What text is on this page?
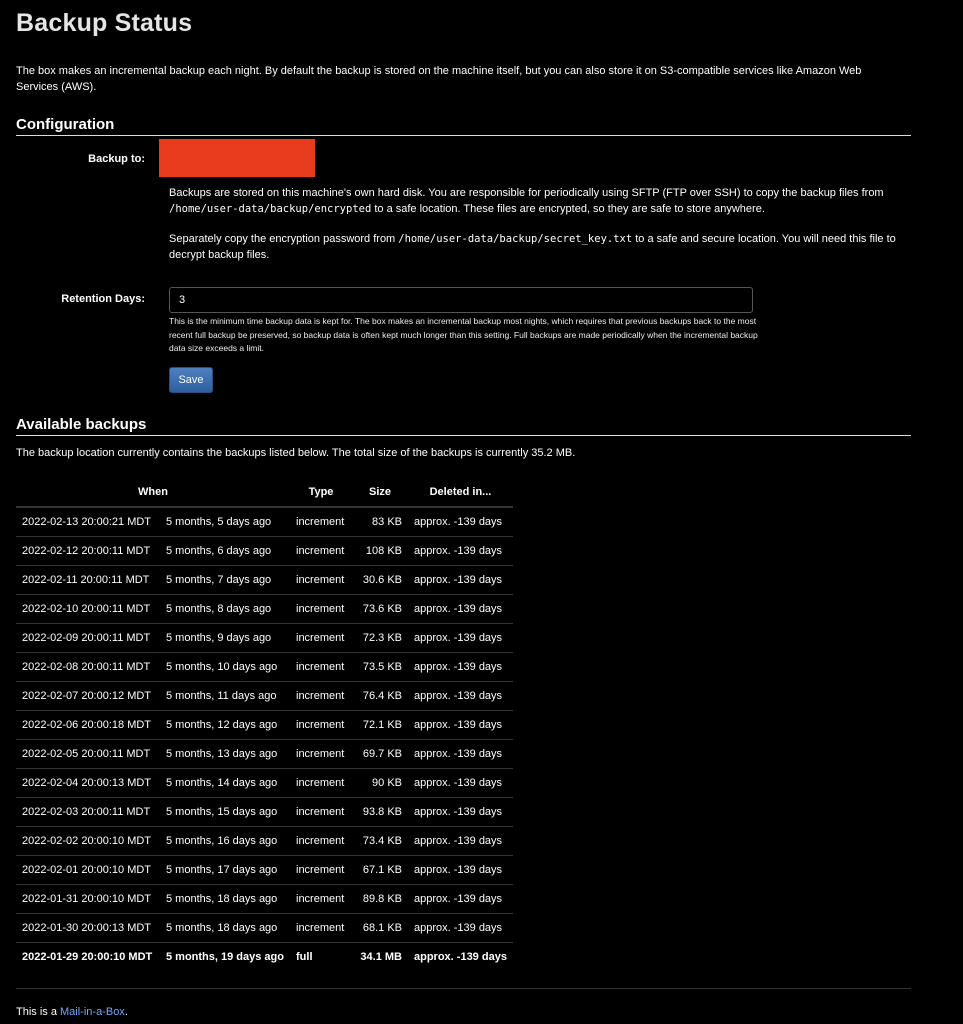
Backup Status

The box makes an incremental backup each night. By default the backup is stored on the machine itself, but you can also store it on S3-compatible services like Amazon Web Services (AWS).

Configuration
Backup to:

Backups are stored on this machine's own hard disk. You are responsible for periodically using SFTP (FTP over SSH) to copy the backup files from /home/user-data/backup/encrypted to a safe location. These files are encrypted, so they are safe to store anywhere.

Separately copy the encryption password from /home/user-data/backup/secret_key.txt to a safe and secure location. You will need this file to decrypt backup files.

Retention Days:
3

This is the minimum time backup data is kept for. The box makes an incremental backup most nights, which requires that previous backups back to the most recent full backup be preserved, so backup data is often kept much longer than this setting. Full backups are made periodically when the incremental backup data size exceeds a limit.

Save
Available backups

The backup location currently contains the backups listed below. The total size of the backups is currently 35.2 MB.

When		Type	Size	Deleted in...
2022-02-13 20:00:21 MDT	5 months, 5 days ago	increment	83 KB	approx. -139 days
2022-02-12 20:00:11 MDT	5 months, 6 days ago	increment	108 KB	approx. -139 days
2022-02-11 20:00:11 MDT	5 months, 7 days ago	increment	30.6 KB	approx. -139 days
2022-02-10 20:00:11 MDT	5 months, 8 days ago	increment	73.6 KB	approx. -139 days
2022-02-09 20:00:11 MDT	5 months, 9 days ago	increment	72.3 KB	approx. -139 days
2022-02-08 20:00:11 MDT	5 months, 10 days ago	increment	73.5 KB	approx. -139 days
2022-02-07 20:00:12 MDT	5 months, 11 days ago	increment	76.4 KB	approx. -139 days
2022-02-06 20:00:18 MDT	5 months, 12 days ago	increment	72.1 KB	approx. -139 days
2022-02-05 20:00:11 MDT	5 months, 13 days ago	increment	69.7 KB	approx. -139 days
2022-02-04 20:00:13 MDT	5 months, 14 days ago	increment	90 KB	approx. -139 days
2022-02-03 20:00:11 MDT	5 months, 15 days ago	increment	93.8 KB	approx. -139 days
2022-02-02 20:00:10 MDT	5 months, 16 days ago	increment	73.4 KB	approx. -139 days
2022-02-01 20:00:10 MDT	5 months, 17 days ago	increment	67.1 KB	approx. -139 days
2022-01-31 20:00:10 MDT	5 months, 18 days ago	increment	89.8 KB	approx. -139 days
2022-01-30 20:00:13 MDT	5 months, 18 days ago	increment	68.1 KB	approx. -139 days
2022-01-29 20:00:10 MDT	5 months, 19 days ago	full	34.1 MB	approx. -139 days

This is a Mail-in-a-Box.
